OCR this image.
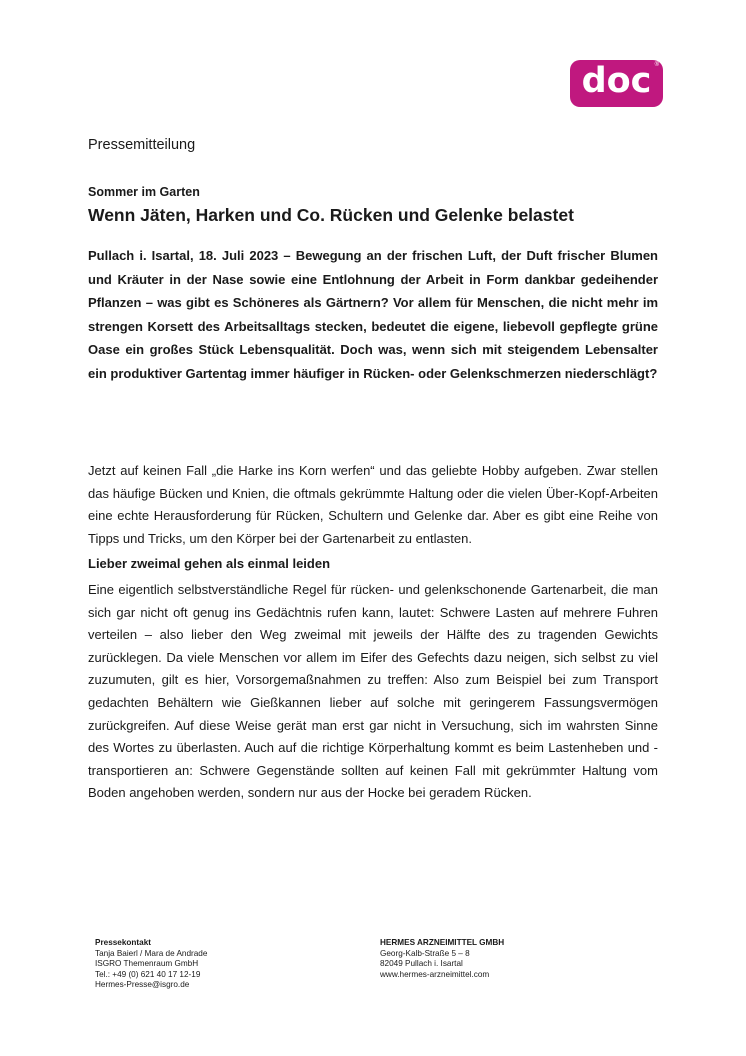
doc ®
Pressemitteilung
Sommer im Garten
Wenn Jäten, Harken und Co. Rücken und Gelenke belastet

Pullach i. Isartal, 18. Juli 2023 – Bewegung an der frischen Luft, der Duft frischer Blumen und Kräuter in der Nase sowie eine Entlohnung der Arbeit in Form dankbar gedeihender Pflanzen – was gibt es Schöneres als Gärtnern? Vor allem für Menschen, die nicht mehr im strengen Korsett des Arbeitsalltags stecken, bedeutet die eigene, liebevoll gepflegte grüne Oase ein großes Stück Lebensqualität. Doch was, wenn sich mit steigendem Lebensalter ein produktiver Gartentag immer häufiger in Rücken- oder Gelenkschmerzen niederschlägt?

Jetzt auf keinen Fall „die Harke ins Korn werfen“ und das geliebte Hobby aufgeben. Zwar stellen das häufige Bücken und Knien, die oftmals gekrümmte Haltung oder die vielen Über-Kopf-Arbeiten eine echte Herausforderung für Rücken, Schultern und Gelenke dar. Aber es gibt eine Reihe von Tipps und Tricks, um den Körper bei der Gartenarbeit zu entlasten.

Lieber zweimal gehen als einmal leiden

Eine eigentlich selbstverständliche Regel für rücken- und gelenkschonende Gartenarbeit, die man sich gar nicht oft genug ins Gedächtnis rufen kann, lautet: Schwere Lasten auf mehrere Fuhren verteilen – also lieber den Weg zweimal mit jeweils der Hälfte des zu tragenden Gewichts zurücklegen. Da viele Menschen vor allem im Eifer des Gefechts dazu neigen, sich selbst zu viel zuzumuten, gilt es hier, Vorsorgemaßnahmen zu treffen: Also zum Beispiel bei zum Transport gedachten Behältern wie Gießkannen lieber auf solche mit geringerem Fassungsvermögen zurückgreifen. Auf diese Weise gerät man erst gar nicht in Versuchung, sich im wahrsten Sinne des Wortes zu überlasten. Auch auf die richtige Körperhaltung kommt es beim Lastenheben und -transportieren an: Schwere Gegenstände sollten auf keinen Fall mit gekrümmter Haltung vom Boden angehoben werden, sondern nur aus der Hocke bei geradem Rücken.

Pressekontakt
Tanja Baierl / Mara de Andrade
ISGRO Themenraum GmbH
Tel.: +49 (0) 621 40 17 12-19
Hermes-Presse@isgro.de
HERMES ARZNEIMITTEL GMBH
Georg-Kalb-Straße 5 – 8
82049 Pullach i. Isartal
www.hermes-arzneimittel.com
